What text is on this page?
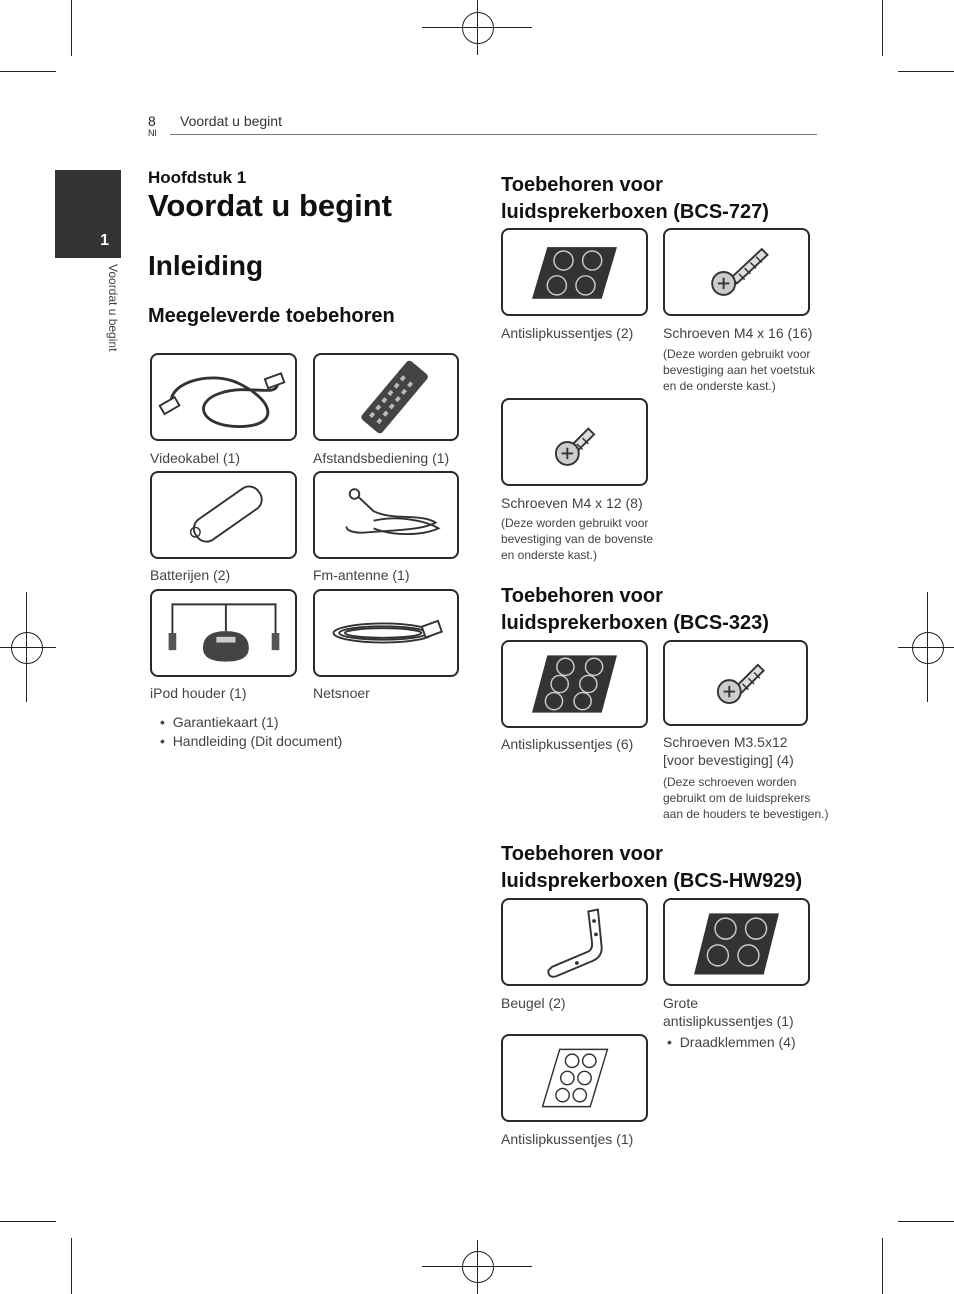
8
Nl
Voordat u begint
1
Voordat u begint
Hoofdstuk 1
Voordat u begint
Inleiding
Meegeleverde toebehoren
Videokabel (1)	Afstandsbediening (1)
Batterijen (2)	Fm-antenne (1)
iPod houder (1)	Netsnoer
•  Garantiekaart (1)
•  Handleiding (Dit document)
Toebehoren voor
luidsprekerboxen (BCS-727)
Antislipkussentjes (2) Schroeven M4 x 16 (16)
(Deze worden gebruikt voor
bevestiging aan het voetstuk
en de onderste kast.)
Schroeven M4 x 12 (8)
(Deze worden gebruikt voor
bevestiging van de bovenste
en onderste kast.)
Toebehoren voor
luidsprekerboxen (BCS-323)
Antislipkussentjes (6) Schroeven M3.5x12
[voor bevestiging] (4)
(Deze schroeven worden
gebruikt om de luidsprekers
aan de houders te bevestigen.)
Toebehoren voor
luidsprekerboxen (BCS-HW929)
Beugel (2)	Grote
antislipkussentjes (1)
•  Draadklemmen (4)
Antislipkussentjes (1)
